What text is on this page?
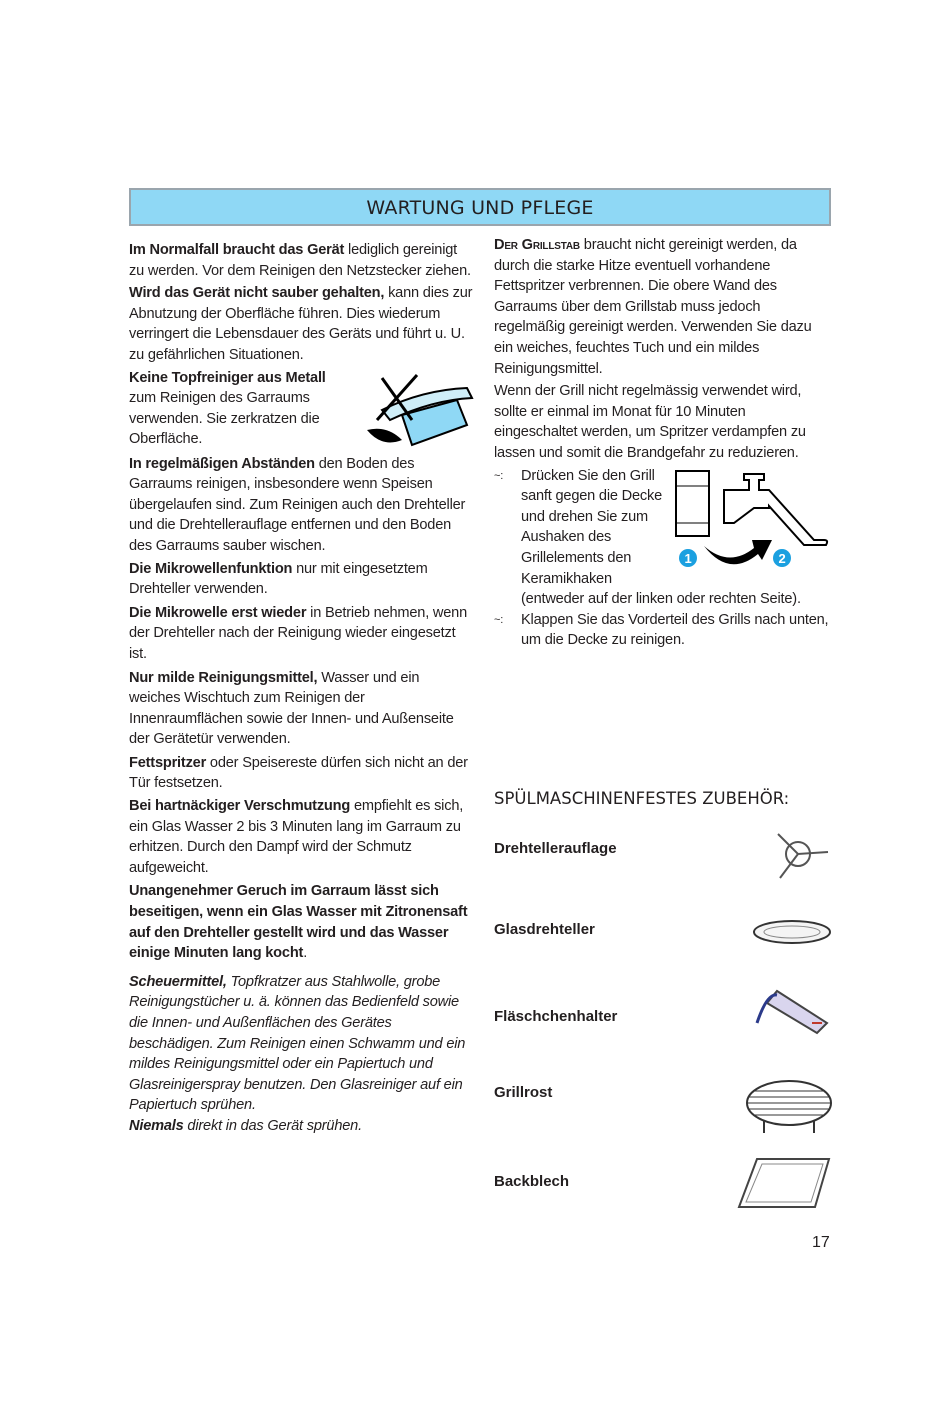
WARTUNG UND PFLEGE
Im Normalfall braucht das Gerät lediglich gereinigt zu werden. Vor dem Reinigen den Netzstecker ziehen.
Wird das Gerät nicht sauber gehalten, kann dies zur Abnutzung der Oberfläche führen. Dies wiederum verringert die Lebensdauer des Geräts und führt u. U. zu gefährlichen Situationen.
Keine Topfreiniger aus Metall
zum Reinigen des Garraums verwenden. Sie zerkratzen die Oberfläche.
In regelmäßigen Abständen den Boden des Garraums reinigen, insbesondere wenn Speisen übergelaufen sind. Zum Reinigen auch den Drehteller und die Drehtellerauflage entfernen und den Boden des Garraums sauber wischen.
Die Mikrowellenfunktion nur mit eingesetztem Drehteller verwenden.
Die Mikrowelle erst wieder in Betrieb nehmen, wenn der Drehteller nach der Reinigung wieder eingesetzt ist.
Nur milde Reinigungsmittel, Wasser und ein weiches Wischtuch zum Reinigen der Innenraumflächen sowie der Innen- und Außenseite der Gerätetür verwenden.
Fettspritzer oder Speisereste dürfen sich nicht an der Tür festsetzen.
Bei hartnäckiger Verschmutzung empfiehlt es sich, ein Glas Wasser 2 bis 3 Minuten lang im Garraum zu erhitzen. Durch den Dampf wird der Schmutz aufgeweicht.
Unangenehmer Geruch im Garraum lässt sich beseitigen, wenn ein Glas Wasser mit Zitronensaft auf den Drehteller gestellt wird und das Wasser einige Minuten lang kocht.
Scheuermittel, Topfkratzer aus Stahlwolle, grobe Reinigungstücher u. ä. können das Bedienfeld sowie die Innen- und Außenflächen des Gerätes beschädigen. Zum Reinigen einen Schwamm und ein mildes Reinigungsmittel oder ein Papiertuch und Glasreinigerspray benutzen. Den Glasreiniger auf ein Papiertuch sprühen.
Niemals direkt in das Gerät sprühen.
Der Grillstab braucht nicht gereinigt werden, da durch die starke Hitze eventuell vorhandene Fettspritzer verbrennen. Die obere Wand des Garraums über dem Grillstab muss jedoch regelmäßig gereinigt werden. Verwenden Sie dazu ein weiches, feuchtes Tuch und ein mildes Reinigungsmittel.
Wenn der Grill nicht regelmässig verwendet wird, sollte er einmal im Monat für 10 Minuten eingeschaltet werden, um Spritzer verdampfen zu lassen und somit die Brandgefahr zu reduzieren.
1	2
~: Drücken Sie den Grill sanft gegen die Decke und drehen Sie zum Aushaken des Grillelements den Keramikhaken (entweder auf der linken oder rechten Seite).
~: Klappen Sie das Vorderteil des Grills nach unten, um die Decke zu reinigen.
SPÜLMASCHINENFESTES ZUBEHÖR:
Drehtellerauflage
Glasdrehteller
Fläschchenhalter
Grillrost
Backblech
17
